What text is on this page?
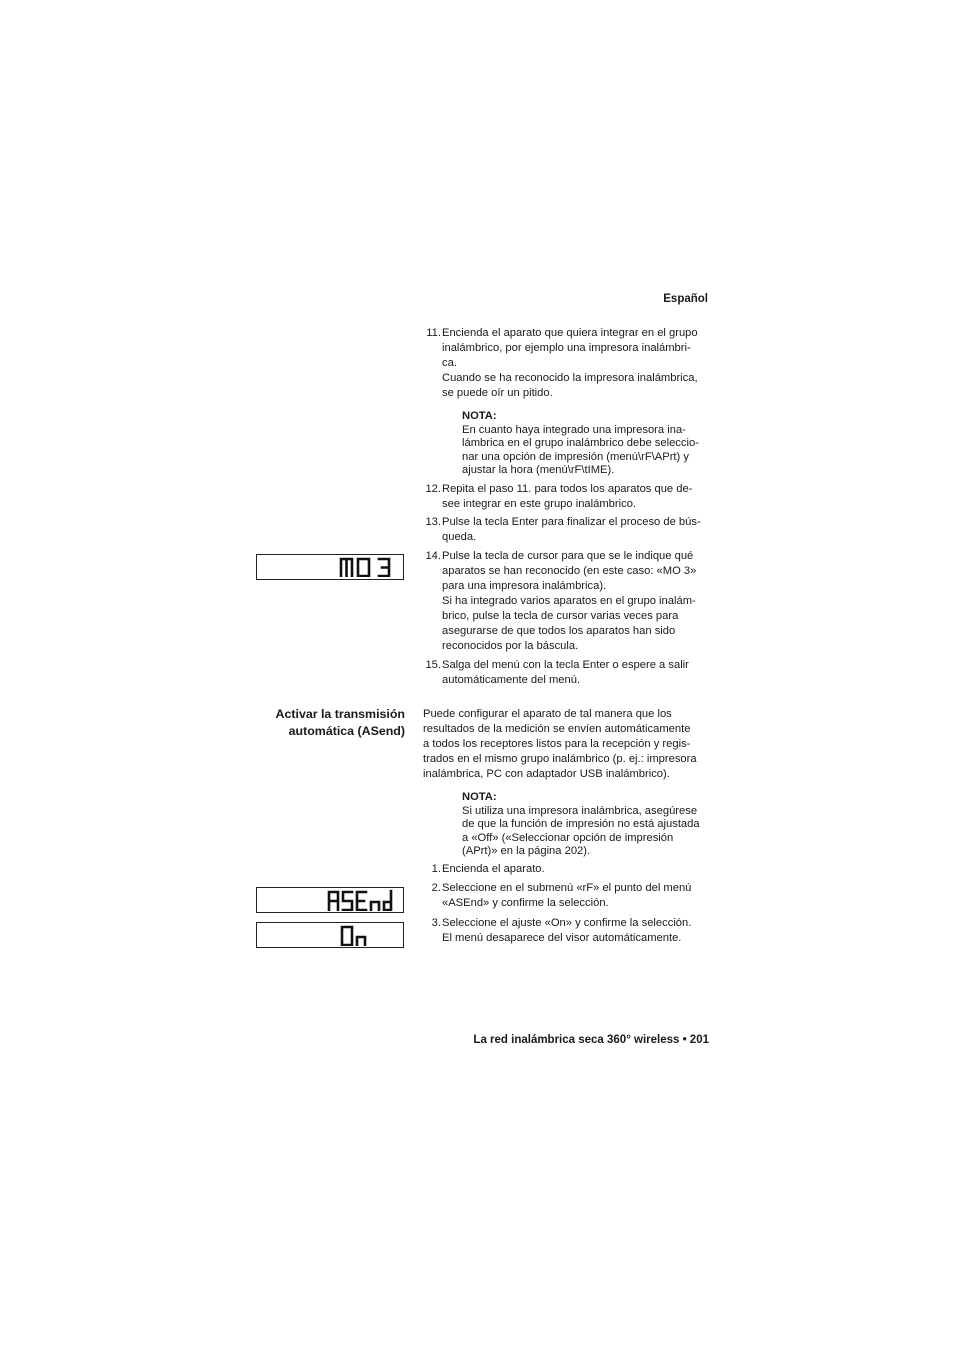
Español
11. Encienda el aparato que quiera integrar en el grupo
inalámbrico, por ejemplo una impresora inalámbri-
ca.
Cuando se ha reconocido la impresora inalámbrica,
se puede oír un pitido.
NOTA:
En cuanto haya integrado una impresora ina-
lámbrica en el grupo inalámbrico debe seleccio-
nar una opción de impresión (menú\rF\APrt) y
ajustar la hora (menú\rF\tIME).
12. Repita el paso 11. para todos los aparatos que de-
see integrar en este grupo inalámbrico.
13. Pulse la tecla Enter para finalizar el proceso de bús-
queda.
14. Pulse la tecla de cursor para que se le indique qué
aparatos se han reconocido (en este caso: «MO 3»
para una impresora inalámbrica).
Si ha integrado varios aparatos en el grupo inalám-
brico, pulse la tecla de cursor varias veces para
asegurarse de que todos los aparatos han sido
reconocidos por la báscula.
15. Salga del menú con la tecla Enter o espere a salir
automáticamente del menú.
Activar la transmisión
automática (ASend)
Puede configurar el aparato de tal manera que los
resultados de la medición se envíen automáticamente
a todos los receptores listos para la recepción y regis-
trados en el mismo grupo inalámbrico (p. ej.: impresora
inalámbrica, PC con adaptador USB inalámbrico).
NOTA:
Si utiliza una impresora inalámbrica, asegúrese
de que la función de impresión no está ajustada
a «Off» («Seleccionar opción de impresión
(APrt)» en la página 202).
1. Encienda el aparato.
2. Seleccione en el submenú «rF» el punto del menú
«ASEnd» y confirme la selección.
3. Seleccione el ajuste «On» y confirme la selección.
El menú desaparece del visor automáticamente.
La red inalámbrica seca 360° wireless • 201
